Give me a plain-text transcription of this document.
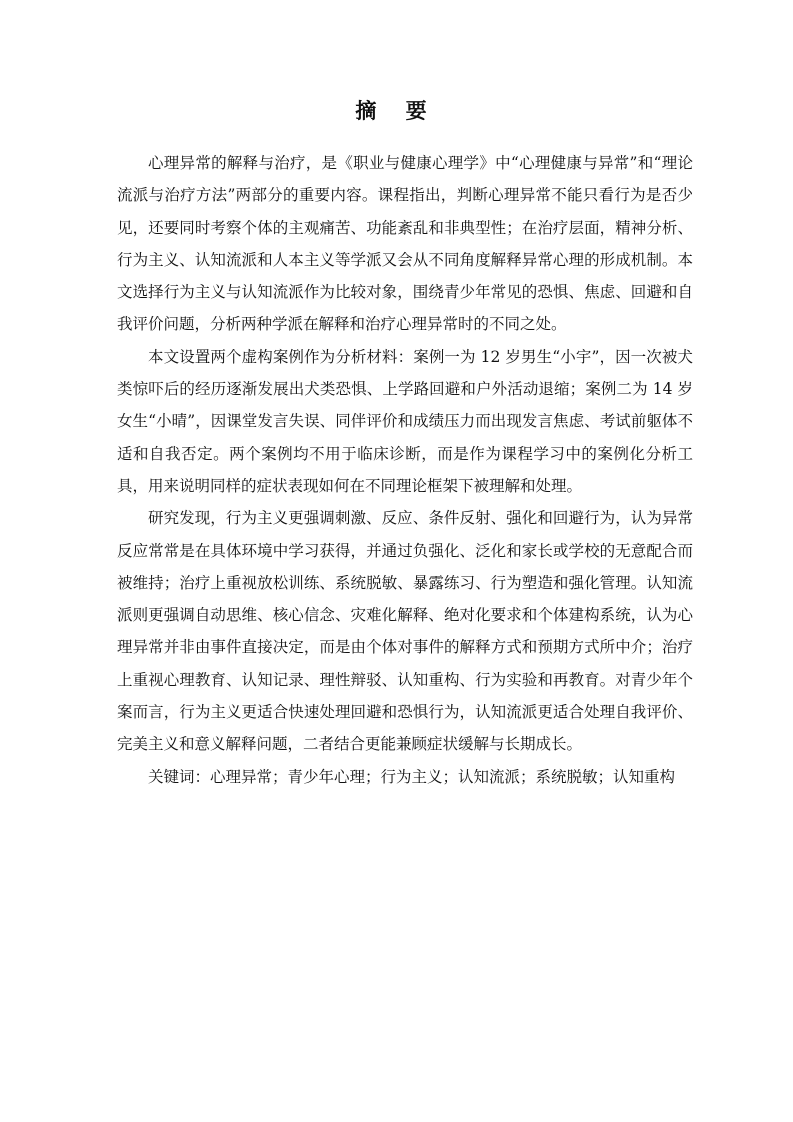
摘 要

心理异常的解释与治疗，是《职业与健康心理学》中“心理健康与异常”和“理论流派与治疗方法”两部分的重要内容。课程指出，判断心理异常不能只看行为是否少见，还要同时考察个体的主观痛苦、功能紊乱和非典型性；在治疗层面，精神分析、行为主义、认知流派和人本主义等学派又会从不同角度解释异常心理的形成机制。本文选择行为主义与认知流派作为比较对象，围绕青少年常见的恐惧、焦虑、回避和自我评价问题，分析两种学派在解释和治疗心理异常时的不同之处。

本文设置两个虚构案例作为分析材料：案例一为 12 岁男生“小宇”，因一次被犬类惊吓后的经历逐渐发展出犬类恐惧、上学路回避和户外活动退缩；案例二为 14 岁女生“小晴”，因课堂发言失误、同伴评价和成绩压力而出现发言焦虑、考试前躯体不适和自我否定。两个案例均不用于临床诊断，而是作为课程学习中的案例化分析工具，用来说明同样的症状表现如何在不同理论框架下被理解和处理。

研究发现，行为主义更强调刺激、反应、条件反射、强化和回避行为，认为异常反应常常是在具体环境中学习获得，并通过负强化、泛化和家长或学校的无意配合而被维持；治疗上重视放松训练、系统脱敏、暴露练习、行为塑造和强化管理。认知流派则更强调自动思维、核心信念、灾难化解释、绝对化要求和个体建构系统，认为心理异常并非由事件直接决定，而是由个体对事件的解释方式和预期方式所中介；治疗上重视心理教育、认知记录、理性辩驳、认知重构、行为实验和再教育。对青少年个案而言，行为主义更适合快速处理回避和恐惧行为，认知流派更适合处理自我评价、完美主义和意义解释问题，二者结合更能兼顾症状缓解与长期成长。

关键词：心理异常；青少年心理；行为主义；认知流派；系统脱敏；认知重构
